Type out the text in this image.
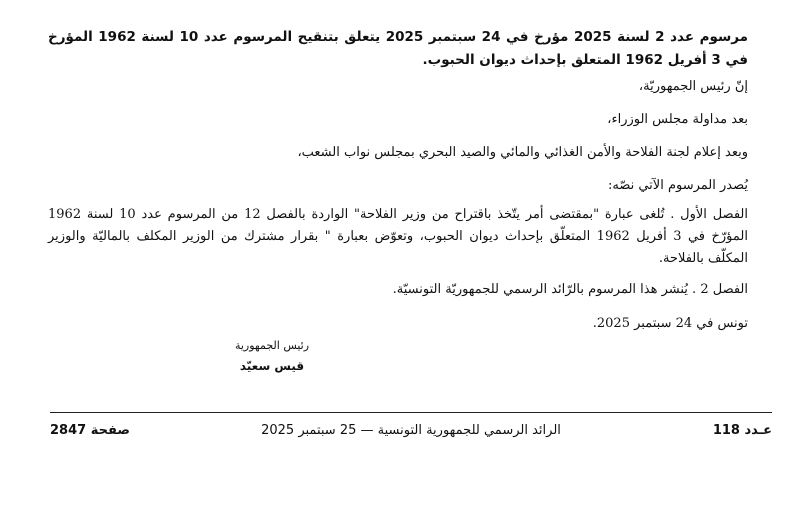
مرسوم عدد 2 لسنة 2025 مؤرخ في 24 سبتمبر 2025 يتعلق بتنقيح المرسوم عدد 10 لسنة 1962 المؤرخ في 3 أفريل 1962 المتعلق بإحداث ديوان الحبوب.
إنّ رئيس الجمهوريّة،
بعد مداولة مجلس الوزراء،
وبعد إعلام لجنة الفلاحة والأمن الغذائي والمائي والصيد البحري بمجلس نواب الشعب،
يُصدر المرسوم الآتي نصّه:
الفصل الأول . تُلغى عبارة "بمقتضى أمر يتّخذ باقتراح من وزير الفلاحة" الواردة بالفصل 12 من المرسوم عدد 10 لسنة 1962 المؤرّخ في 3 أفريل 1962 المتعلّق بإحداث ديوان الحبوب، وتعوّض بعبارة " بقرار مشترك من الوزير المكلف بالماليّة والوزير المكلّف بالفلاحة.
الفصل 2 . يُنشر هذا المرسوم بالرّائد الرسمي للجمهوريّة التونسيّة.
تونس في 24 سبتمبر 2025.
رئيس الجمهورية
قيس سعيّد
عـدد 118
الرائد الرسمي للجمهورية التونسية — 25 سبتمبر 2025
صفحة 2847
